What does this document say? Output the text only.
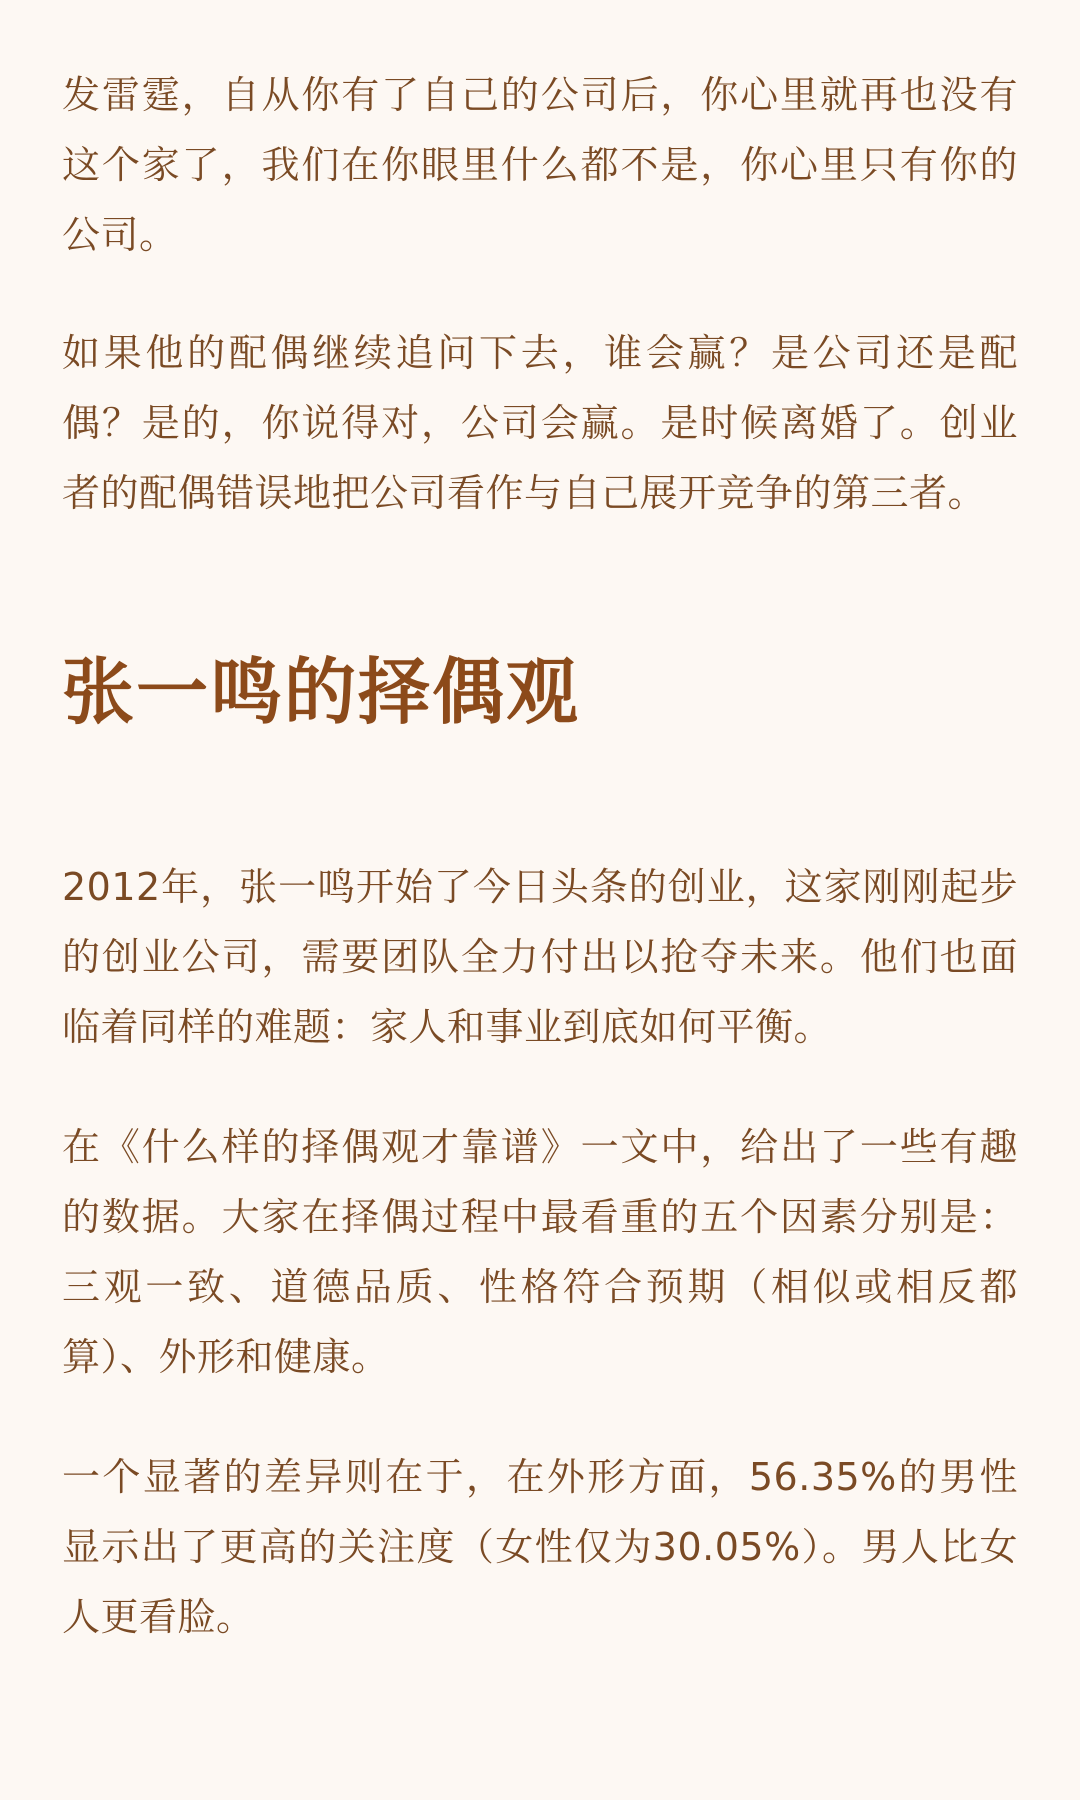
发雷霆，自从你有了自己的公司后，你心里就再也没有这个家了，我们在你眼里什么都不是，你心里只有你的公司。

如果他的配偶继续追问下去，谁会赢？是公司还是配偶？是的，你说得对，公司会赢。是时候离婚了。创业者的配偶错误地把公司看作与自己展开竞争的第三者。

张一鸣的择偶观

2012年，张一鸣开始了今日头条的创业，这家刚刚起步的创业公司，需要团队全力付出以抢夺未来。他们也面临着同样的难题：家人和事业到底如何平衡。

在《什么样的择偶观才靠谱》一文中，给出了一些有趣的数据。大家在择偶过程中最看重的五个因素分别是：三观一致、道德品质、性格符合预期（相似或相反都算）、外形和健康。

一个显著的差异则在于，在外形方面，56.35%的男性显示出了更高的关注度（女性仅为30.05%）。男人比女人更看脸。
